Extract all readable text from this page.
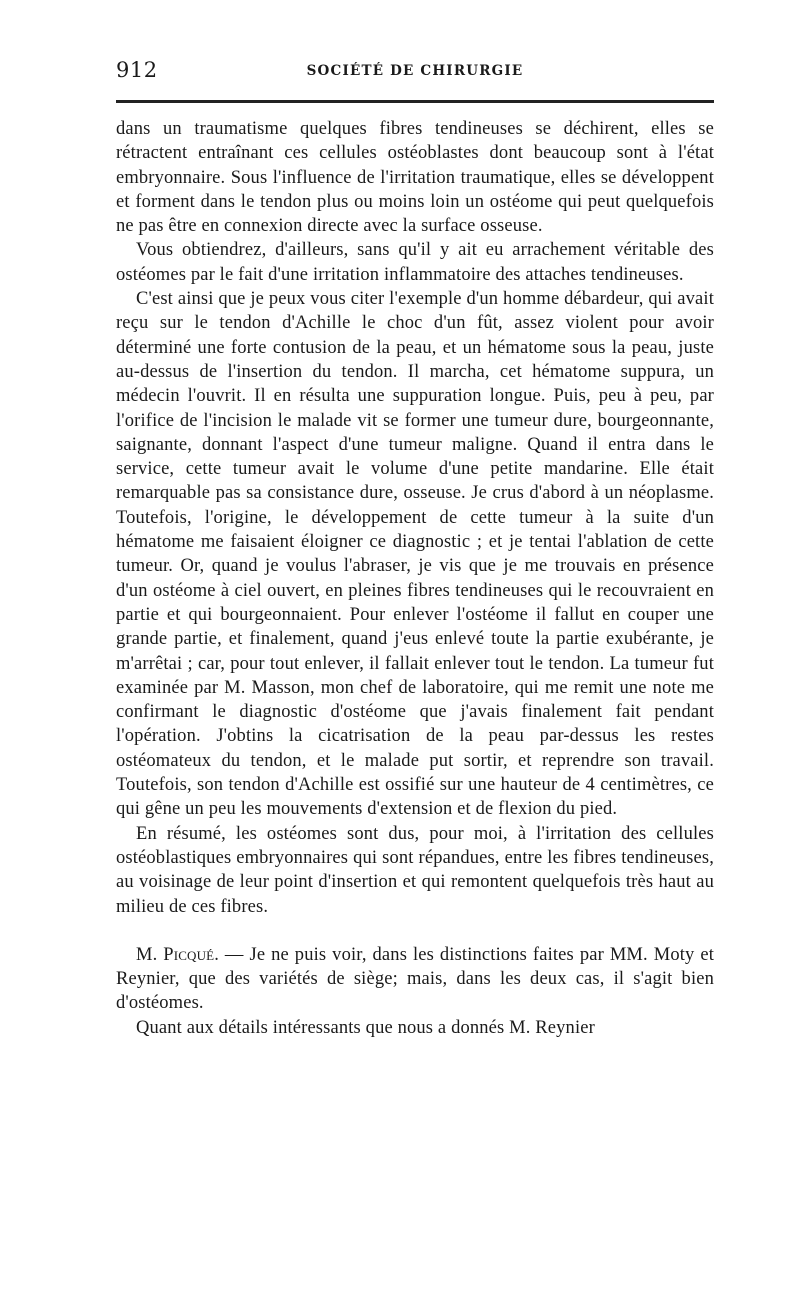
912	SOCIÉTÉ DE CHIRURGIE

dans un traumatisme quelques fibres tendineuses se déchirent, elles se rétractent entraînant ces cellules ostéoblastes dont beaucoup sont à l'état embryonnaire. Sous l'influence de l'irritation traumatique, elles se développent et forment dans le tendon plus ou moins loin un ostéome qui peut quelquefois ne pas être en connexion directe avec la surface osseuse.

Vous obtiendrez, d'ailleurs, sans qu'il y ait eu arrachement véritable des ostéomes par le fait d'une irritation inflammatoire des attaches tendineuses.

C'est ainsi que je peux vous citer l'exemple d'un homme débardeur, qui avait reçu sur le tendon d'Achille le choc d'un fût, assez violent pour avoir déterminé une forte contusion de la peau, et un hématome sous la peau, juste au-dessus de l'insertion du tendon. Il marcha, cet hématome suppura, un médecin l'ouvrit. Il en résulta une suppuration longue. Puis, peu à peu, par l'orifice de l'incision le malade vit se former une tumeur dure, bourgeonnante, saignante, donnant l'aspect d'une tumeur maligne. Quand il entra dans le service, cette tumeur avait le volume d'une petite mandarine. Elle était remarquable pas sa consistance dure, osseuse. Je crus d'abord à un néoplasme. Toutefois, l'origine, le développement de cette tumeur à la suite d'un hématome me faisaient éloigner ce diagnostic ; et je tentai l'ablation de cette tumeur. Or, quand je voulus l'abraser, je vis que je me trouvais en présence d'un ostéome à ciel ouvert, en pleines fibres tendineuses qui le recouvraient en partie et qui bourgeonnaient. Pour enlever l'ostéome il fallut en couper une grande partie, et finalement, quand j'eus enlevé toute la partie exubérante, je m'arrêtai ; car, pour tout enlever, il fallait enlever tout le tendon. La tumeur fut examinée par M. Masson, mon chef de laboratoire, qui me remit une note me confirmant le diagnostic d'ostéome que j'avais finalement fait pendant l'opération. J'obtins la cicatrisation de la peau par-dessus les restes ostéomateux du tendon, et le malade put sortir, et reprendre son travail. Toutefois, son tendon d'Achille est ossifié sur une hauteur de 4 centimètres, ce qui gêne un peu les mouvements d'extension et de flexion du pied.

En résumé, les ostéomes sont dus, pour moi, à l'irritation des cellules ostéoblastiques embryonnaires qui sont répandues, entre les fibres tendineuses, au voisinage de leur point d'insertion et qui remontent quelquefois très haut au milieu de ces fibres.

M. Picqué. — Je ne puis voir, dans les distinctions faites par MM. Moty et Reynier, que des variétés de siège; mais, dans les deux cas, il s'agit bien d'ostéomes.

Quant aux détails intéressants que nous a donnés M. Reynier
